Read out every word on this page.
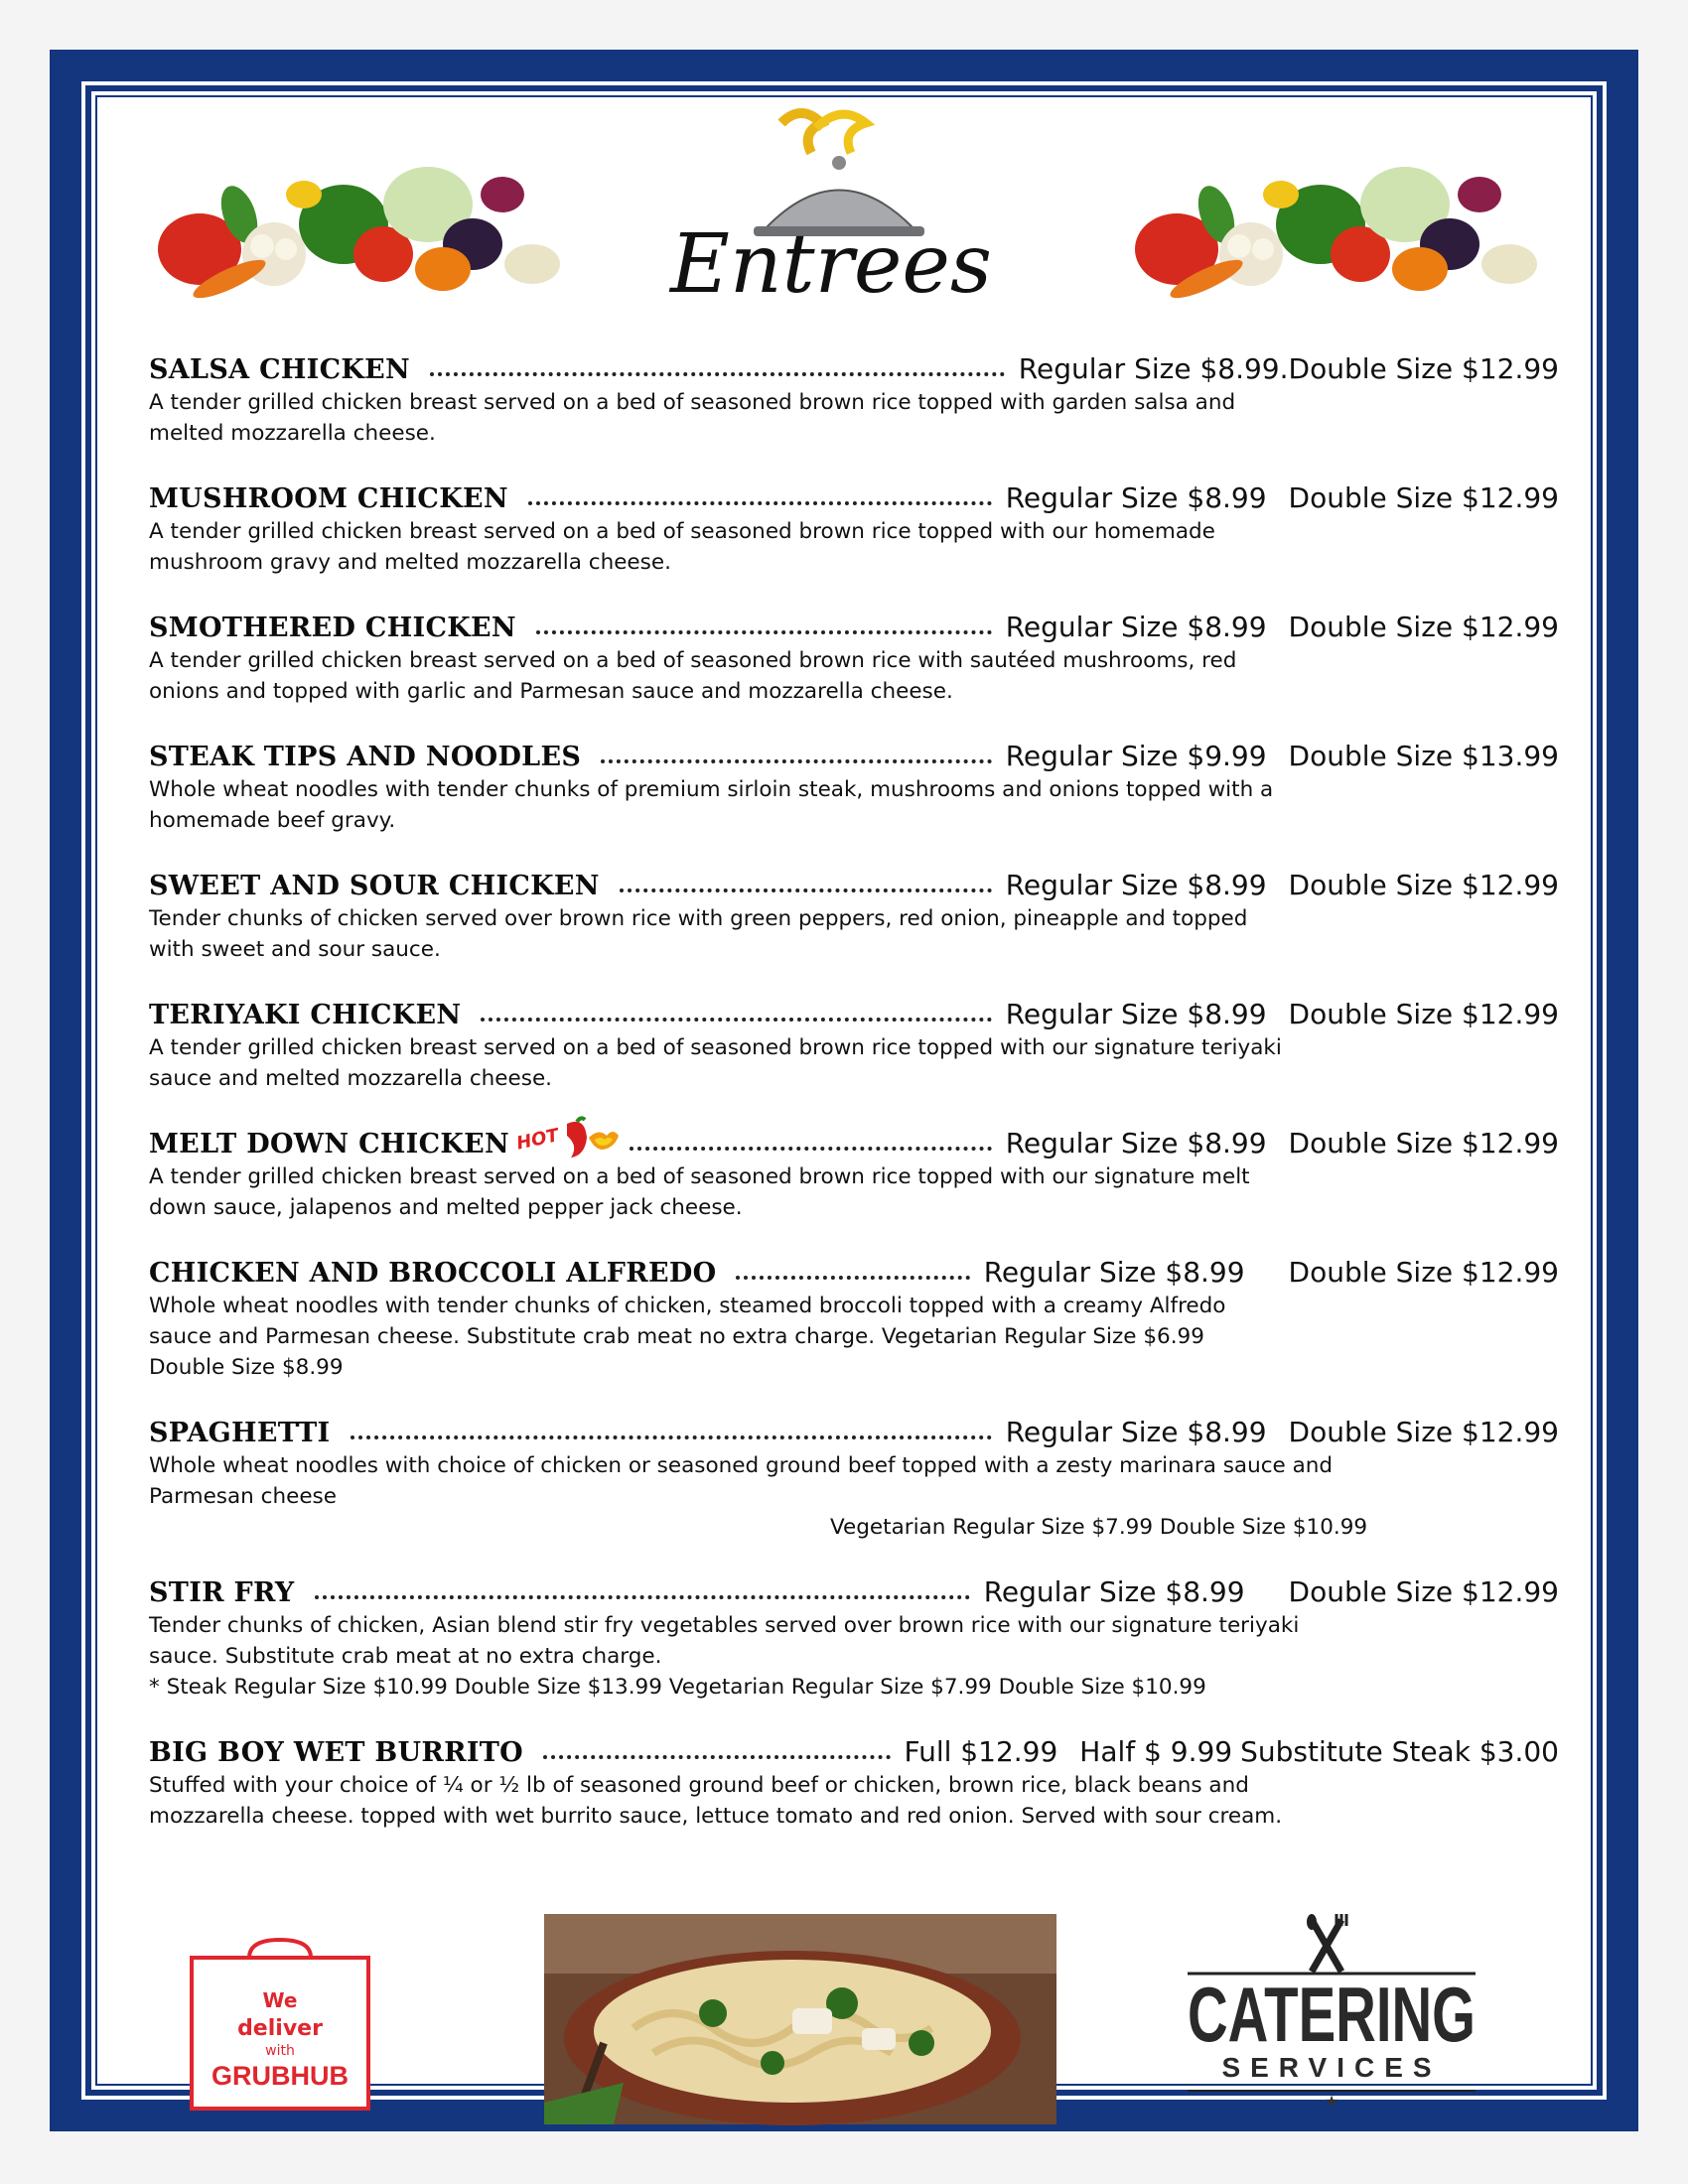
Entrees
SALSA CHICKEN	Regular Size $8.99.Double Size $12.99
A tender grilled chicken breast served on a bed of seasoned brown rice topped with garden salsa and
melted mozzarella cheese.
MUSHROOM CHICKEN	Regular Size $8.99 Double Size $12.99
A tender grilled chicken breast served on a bed of seasoned brown rice topped with our homemade
mushroom gravy and melted mozzarella cheese.
SMOTHERED CHICKEN	Regular Size $8.99 Double Size $12.99
A tender grilled chicken breast served on a bed of seasoned brown rice with sautéed mushrooms, red
onions and topped with garlic and Parmesan sauce and mozzarella cheese.
STEAK TIPS AND NOODLES	Regular Size $9.99 Double Size $13.99
Whole wheat noodles with tender chunks of premium sirloin steak, mushrooms and onions topped with a
homemade beef gravy.
SWEET AND SOUR CHICKEN	Regular Size $8.99 Double Size $12.99
Tender chunks of chicken served over brown rice with green peppers, red onion, pineapple and topped
with sweet and sour sauce.
TERIYAKI CHICKEN	Regular Size $8.99 Double Size $12.99
A tender grilled chicken breast served on a bed of seasoned brown rice topped with our signature teriyaki
sauce and melted mozzarella cheese.
MELT DOWN CHICKEN HOT	Regular Size $8.99 Double Size $12.99
A tender grilled chicken breast served on a bed of seasoned brown rice topped with our signature melt
down sauce, jalapenos and melted pepper jack cheese.
CHICKEN AND BROCCOLI ALFREDO	Regular Size $8.99 Double Size $12.99
Whole wheat noodles with tender chunks of chicken, steamed broccoli topped with a creamy Alfredo
sauce and Parmesan cheese. Substitute crab meat no extra charge. Vegetarian Regular Size $6.99
Double Size $8.99
SPAGHETTI	Regular Size $8.99 Double Size $12.99
Whole wheat noodles with choice of chicken or seasoned ground beef topped with a zesty marinara sauce and
Parmesan cheese
Vegetarian Regular Size $7.99 Double Size $10.99
STIR FRY	Regular Size $8.99 Double Size $12.99
Tender chunks of chicken, Asian blend stir fry vegetables served over brown rice with our signature teriyaki
sauce. Substitute crab meat at no extra charge.
* Steak Regular Size $10.99 Double Size $13.99 Vegetarian Regular Size $7.99 Double Size $10.99
BIG BOY WET BURRITO	Full $12.99 Half $ 9.99 Substitute Steak $3.00
Stuffed with your choice of ¼ or ½ lb of seasoned ground beef or chicken, brown rice, black beans and
mozzarella cheese. topped with wet burrito sauce, lettuce tomato and red onion. Served with sour cream.
We
deliver
with
GRUBHUB
CATERING
SERVICES
★
